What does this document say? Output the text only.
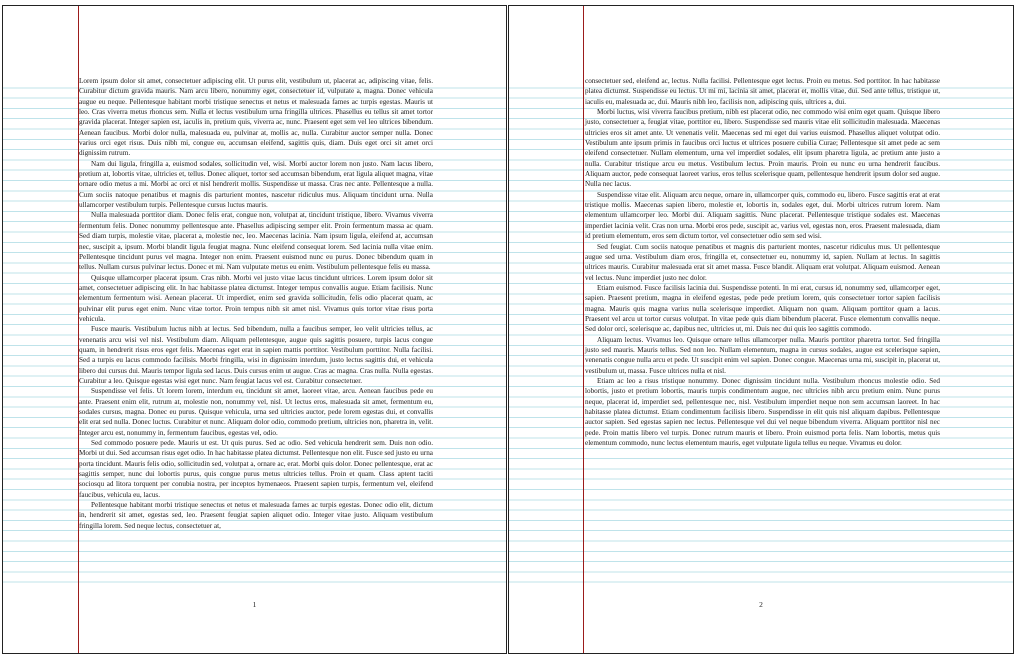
Lorem ipsum dolor sit amet, consectetuer adipiscing elit. Ut purus elit, vestibulum ut, placerat ac, adipiscing vitae, felis. Curabitur dictum gravida mauris. Nam arcu libero, nonummy eget, consectetuer id, vulputate a, magna. Donec vehicula augue eu neque. Pellentesque habitant morbi tristique senectus et netus et malesuada fames ac turpis egestas. Mauris ut leo. Cras viverra metus rhoncus sem. Nulla et lectus vestibulum urna fringilla ultrices. Phasellus eu tellus sit amet tortor gravida placerat. Integer sapien est, iaculis in, pretium quis, viverra ac, nunc. Praesent eget sem vel leo ultrices bibendum. Aenean faucibus. Morbi dolor nulla, malesuada eu, pulvinar at, mollis ac, nulla. Curabitur auctor semper nulla. Donec varius orci eget risus. Duis nibh mi, congue eu, accumsan eleifend, sagittis quis, diam. Duis eget orci sit amet orci dignissim rutrum.

Nam dui ligula, fringilla a, euismod sodales, sollicitudin vel, wisi. Morbi auctor lorem non justo. Nam lacus libero, pretium at, lobortis vitae, ultricies et, tellus. Donec aliquet, tortor sed accumsan bibendum, erat ligula aliquet magna, vitae ornare odio metus a mi. Morbi ac orci et nisl hendrerit mollis. Suspendisse ut massa. Cras nec ante. Pellentesque a nulla. Cum sociis natoque penatibus et magnis dis parturient montes, nascetur ridiculus mus. Aliquam tincidunt urna. Nulla ullamcorper vestibulum turpis. Pellentesque cursus luctus mauris.

Nulla malesuada porttitor diam. Donec felis erat, congue non, volutpat at, tincidunt tristique, libero. Vivamus viverra fermentum felis. Donec nonummy pellentesque ante. Phasellus adipiscing semper elit. Proin fermentum massa ac quam. Sed diam turpis, molestie vitae, placerat a, molestie nec, leo. Maecenas lacinia. Nam ipsum ligula, eleifend at, accumsan nec, suscipit a, ipsum. Morbi blandit ligula feugiat magna. Nunc eleifend consequat lorem. Sed lacinia nulla vitae enim. Pellentesque tincidunt purus vel magna. Integer non enim. Praesent euismod nunc eu purus. Donec bibendum quam in tellus. Nullam cursus pulvinar lectus. Donec et mi. Nam vulputate metus eu enim. Vestibulum pellentesque felis eu massa.

Quisque ullamcorper placerat ipsum. Cras nibh. Morbi vel justo vitae lacus tincidunt ultrices. Lorem ipsum dolor sit amet, consectetuer adipiscing elit. In hac habitasse platea dictumst. Integer tempus convallis augue. Etiam facilisis. Nunc elementum fermentum wisi. Aenean placerat. Ut imperdiet, enim sed gravida sollicitudin, felis odio placerat quam, ac pulvinar elit purus eget enim. Nunc vitae tortor. Proin tempus nibh sit amet nisl. Vivamus quis tortor vitae risus porta vehicula.

Fusce mauris. Vestibulum luctus nibh at lectus. Sed bibendum, nulla a faucibus semper, leo velit ultricies tellus, ac venenatis arcu wisi vel nisl. Vestibulum diam. Aliquam pellentesque, augue quis sagittis posuere, turpis lacus congue quam, in hendrerit risus eros eget felis. Maecenas eget erat in sapien mattis porttitor. Vestibulum porttitor. Nulla facilisi. Sed a turpis eu lacus commodo facilisis. Morbi fringilla, wisi in dignissim interdum, justo lectus sagittis dui, et vehicula libero dui cursus dui. Mauris tempor ligula sed lacus. Duis cursus enim ut augue. Cras ac magna. Cras nulla. Nulla egestas. Curabitur a leo. Quisque egestas wisi eget nunc. Nam feugiat lacus vel est. Curabitur consectetuer.

Suspendisse vel felis. Ut lorem lorem, interdum eu, tincidunt sit amet, laoreet vitae, arcu. Aenean faucibus pede eu ante. Praesent enim elit, rutrum at, molestie non, nonummy vel, nisl. Ut lectus eros, malesuada sit amet, fermentum eu, sodales cursus, magna. Donec eu purus. Quisque vehicula, urna sed ultricies auctor, pede lorem egestas dui, et convallis elit erat sed nulla. Donec luctus. Curabitur et nunc. Aliquam dolor odio, commodo pretium, ultricies non, pharetra in, velit. Integer arcu est, nonummy in, fermentum faucibus, egestas vel, odio.

Sed commodo posuere pede. Mauris ut est. Ut quis purus. Sed ac odio. Sed vehicula hendrerit sem. Duis non odio. Morbi ut dui. Sed accumsan risus eget odio. In hac habitasse platea dictumst. Pellentesque non elit. Fusce sed justo eu urna porta tincidunt. Mauris felis odio, sollicitudin sed, volutpat a, ornare ac, erat. Morbi quis dolor. Donec pellentesque, erat ac sagittis semper, nunc dui lobortis purus, quis congue purus metus ultricies tellus. Proin et quam. Class aptent taciti sociosqu ad litora torquent per conubia nostra, per inceptos hymenaeos. Praesent sapien turpis, fermentum vel, eleifend faucibus, vehicula eu, lacus.

Pellentesque habitant morbi tristique senectus et netus et malesuada fames ac turpis egestas. Donec odio elit, dictum in, hendrerit sit amet, egestas sed, leo. Praesent feugiat sapien aliquet odio. Integer vitae justo. Aliquam vestibulum fringilla lorem. Sed neque lectus, consectetuer at,

1

consectetuer sed, eleifend ac, lectus. Nulla facilisi. Pellentesque eget lectus. Proin eu metus. Sed porttitor. In hac habitasse platea dictumst. Suspendisse eu lectus. Ut mi mi, lacinia sit amet, placerat et, mollis vitae, dui. Sed ante tellus, tristique ut, iaculis eu, malesuada ac, dui. Mauris nibh leo, facilisis non, adipiscing quis, ultrices a, dui.

Morbi luctus, wisi viverra faucibus pretium, nibh est placerat odio, nec commodo wisi enim eget quam. Quisque libero justo, consectetuer a, feugiat vitae, porttitor eu, libero. Suspendisse sed mauris vitae elit sollicitudin malesuada. Maecenas ultricies eros sit amet ante. Ut venenatis velit. Maecenas sed mi eget dui varius euismod. Phasellus aliquet volutpat odio. Vestibulum ante ipsum primis in faucibus orci luctus et ultrices posuere cubilia Curae; Pellentesque sit amet pede ac sem eleifend consectetuer. Nullam elementum, urna vel imperdiet sodales, elit ipsum pharetra ligula, ac pretium ante justo a nulla. Curabitur tristique arcu eu metus. Vestibulum lectus. Proin mauris. Proin eu nunc eu urna hendrerit faucibus. Aliquam auctor, pede consequat laoreet varius, eros tellus scelerisque quam, pellentesque hendrerit ipsum dolor sed augue. Nulla nec lacus.

Suspendisse vitae elit. Aliquam arcu neque, ornare in, ullamcorper quis, commodo eu, libero. Fusce sagittis erat at erat tristique mollis. Maecenas sapien libero, molestie et, lobortis in, sodales eget, dui. Morbi ultrices rutrum lorem. Nam elementum ullamcorper leo. Morbi dui. Aliquam sagittis. Nunc placerat. Pellentesque tristique sodales est. Maecenas imperdiet lacinia velit. Cras non urna. Morbi eros pede, suscipit ac, varius vel, egestas non, eros. Praesent malesuada, diam id pretium elementum, eros sem dictum tortor, vel consectetuer odio sem sed wisi.

Sed feugiat. Cum sociis natoque penatibus et magnis dis parturient montes, nascetur ridiculus mus. Ut pellentesque augue sed urna. Vestibulum diam eros, fringilla et, consectetuer eu, nonummy id, sapien. Nullam at lectus. In sagittis ultrices mauris. Curabitur malesuada erat sit amet massa. Fusce blandit. Aliquam erat volutpat. Aliquam euismod. Aenean vel lectus. Nunc imperdiet justo nec dolor.

Etiam euismod. Fusce facilisis lacinia dui. Suspendisse potenti. In mi erat, cursus id, nonummy sed, ullamcorper eget, sapien. Praesent pretium, magna in eleifend egestas, pede pede pretium lorem, quis consectetuer tortor sapien facilisis magna. Mauris quis magna varius nulla scelerisque imperdiet. Aliquam non quam. Aliquam porttitor quam a lacus. Praesent vel arcu ut tortor cursus volutpat. In vitae pede quis diam bibendum placerat. Fusce elementum convallis neque. Sed dolor orci, scelerisque ac, dapibus nec, ultricies ut, mi. Duis nec dui quis leo sagittis commodo.

Aliquam lectus. Vivamus leo. Quisque ornare tellus ullamcorper nulla. Mauris porttitor pharetra tortor. Sed fringilla justo sed mauris. Mauris tellus. Sed non leo. Nullam elementum, magna in cursus sodales, augue est scelerisque sapien, venenatis congue nulla arcu et pede. Ut suscipit enim vel sapien. Donec congue. Maecenas urna mi, suscipit in, placerat ut, vestibulum ut, massa. Fusce ultrices nulla et nisl.

Etiam ac leo a risus tristique nonummy. Donec dignissim tincidunt nulla. Vestibulum rhoncus molestie odio. Sed lobortis, justo et pretium lobortis, mauris turpis condimentum augue, nec ultricies nibh arcu pretium enim. Nunc purus neque, placerat id, imperdiet sed, pellentesque nec, nisl. Vestibulum imperdiet neque non sem accumsan laoreet. In hac habitasse platea dictumst. Etiam condimentum facilisis libero. Suspendisse in elit quis nisl aliquam dapibus. Pellentesque auctor sapien. Sed egestas sapien nec lectus. Pellentesque vel dui vel neque bibendum viverra. Aliquam porttitor nisl nec pede. Proin mattis libero vel turpis. Donec rutrum mauris et libero. Proin euismod porta felis. Nam lobortis, metus quis elementum commodo, nunc lectus elementum mauris, eget vulputate ligula tellus eu neque. Vivamus eu dolor.

2
